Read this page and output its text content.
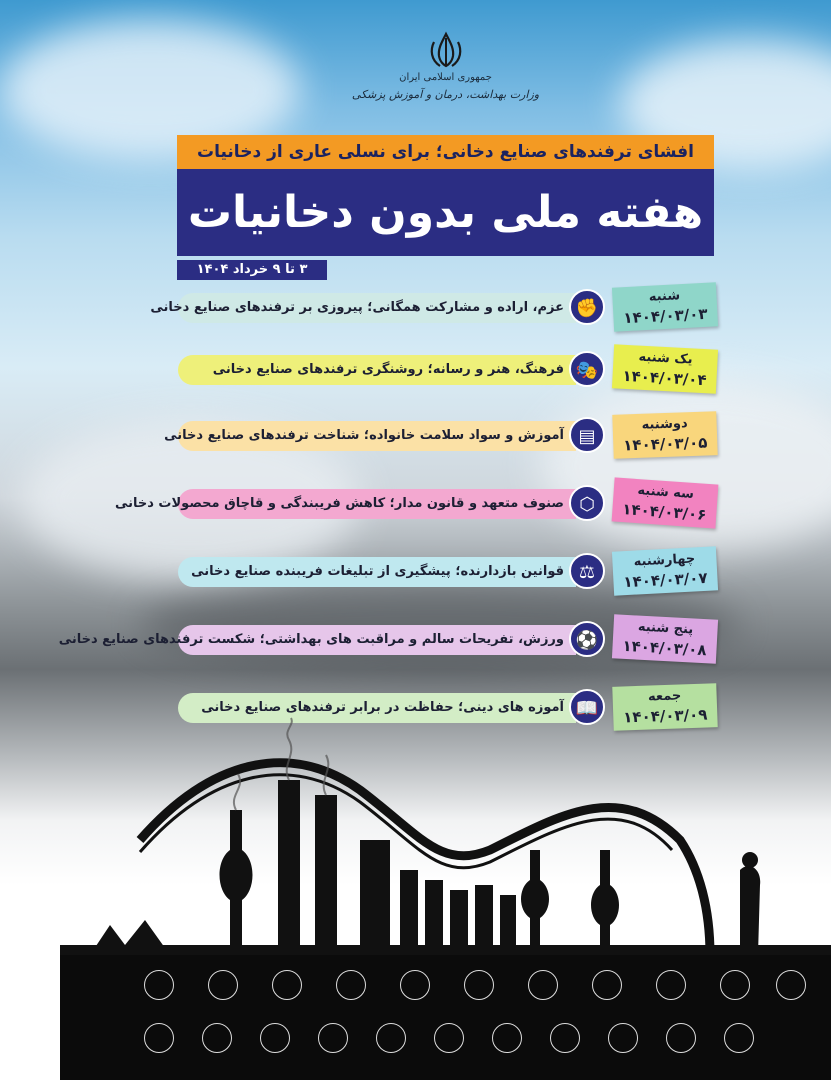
جمهوری اسلامی ایران
وزارت بهداشت، درمان و آموزش پزشکی
افشای ترفندهای صنایع دخانی؛ برای نسلی عاری از دخانیات
هفته ملی بدون دخانیات
۳ تا ۹ خرداد ۱۴۰۴
عزم، اراده و مشارکت همگانی؛ پیروزی بر ترفندهای صنایع دخانی ✊
شنبه
۱۴۰۴/۰۳/۰۳
فرهنگ، هنر و رسانه؛ روشنگری ترفندهای صنایع دخانی 🎭
یک شنبه
۱۴۰۴/۰۳/۰۴
آموزش و سواد سلامت خانواده؛ شناخت ترفندهای صنایع دخانی ▤
دوشنبه
۱۴۰۴/۰۳/۰۵
صنوف متعهد و قانون مدار؛ کاهش فریبندگی و قاچاق محصولات دخانی ⬡
سه شنبه
۱۴۰۴/۰۳/۰۶
قوانین بازدارنده؛ پیشگیری از تبلیغات فریبنده صنایع دخانی ⚖
چهارشنبه
۱۴۰۴/۰۳/۰۷
ورزش، تفریحات سالم و مراقبت های بهداشتی؛ شکست ترفندهای صنایع دخانی ⚽
پنج شنبه
۱۴۰۴/۰۳/۰۸
آموزه های دینی؛ حفاظت در برابر ترفندهای صنایع دخانی 📖
جمعه
۱۴۰۴/۰۳/۰۹
